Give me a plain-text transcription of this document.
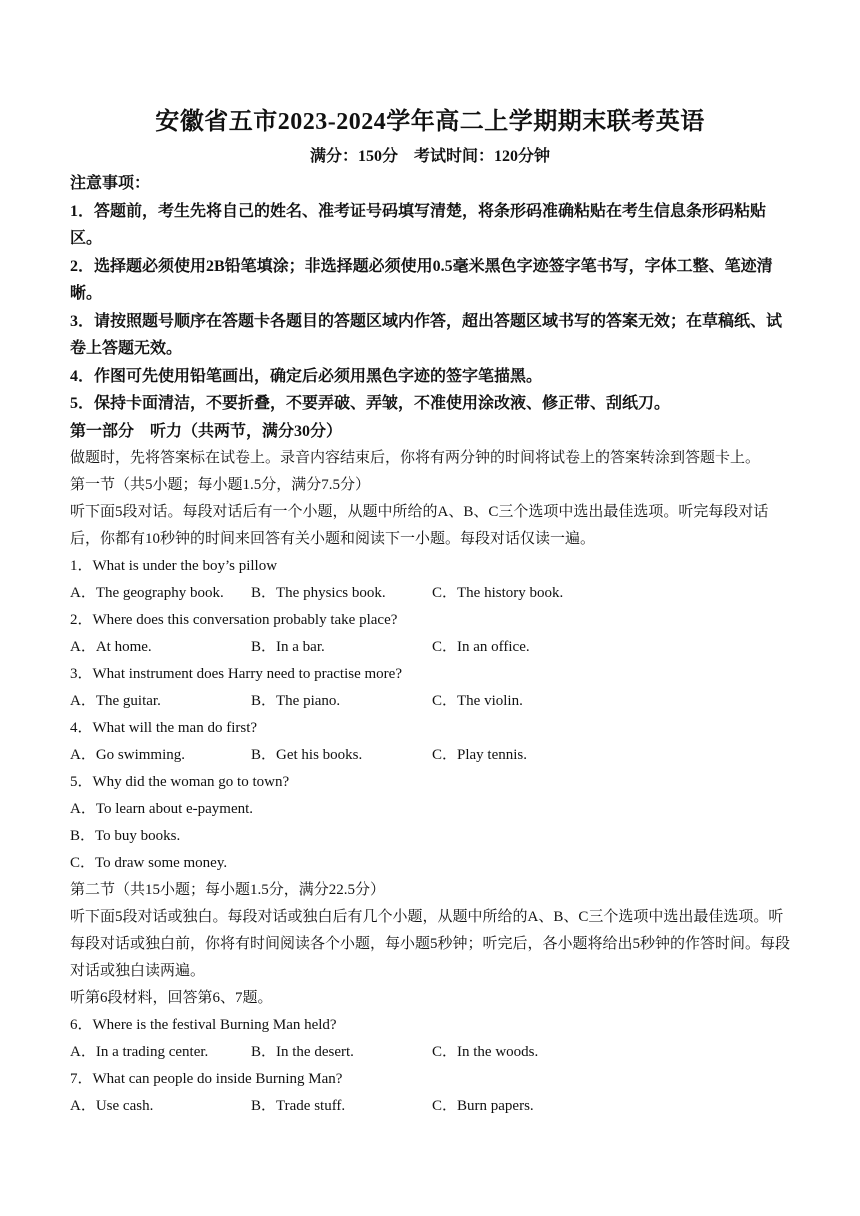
安徽省五市2023-2024学年高二上学期期末联考英语
满分：150分　考试时间：120分钟
注意事项：
1．答题前，考生先将自己的姓名、准考证号码填写清楚，将条形码准确粘贴在考生信息条形码粘贴区。
2．选择题必须使用2B铅笔填涂；非选择题必须使用0.5毫米黑色字迹签字笔书写，字体工整、笔迹清晰。
3．请按照题号顺序在答题卡各题目的答题区域内作答，超出答题区域书写的答案无效；在草稿纸、试卷上答题无效。
4．作图可先使用铅笔画出，确定后必须用黑色字迹的签字笔描黑。
5．保持卡面清洁，不要折叠，不要弄破、弄皱，不准使用涂改液、修正带、刮纸刀。
第一部分　听力（共两节，满分30分）
做题时，先将答案标在试卷上。录音内容结束后，你将有两分钟的时间将试卷上的答案转涂到答题卡上。
第一节（共5小题；每小题1.5分，满分7.5分）
听下面5段对话。每段对话后有一个小题，从题中所给的A、B、C三个选项中选出最佳选项。听完每段对话后，你都有10秒钟的时间来回答有关小题和阅读下一小题。每段对话仅读一遍。
1．What is under the boy’s pillow
A．The geography book.	B．The physics book.	C．The history book.
2．Where does this conversation probably take place?
A．At home.	B．In a bar.	C．In an office.
3．What instrument does Harry need to practise more?
A．The guitar.	B．The piano.	C．The violin.
4．What will the man do first?
A．Go swimming.	B．Get his books.	C．Play tennis.
5．Why did the woman go to town?
A．To learn about e-payment.
B．To buy books.
C．To draw some money.
第二节（共15小题；每小题1.5分，满分22.5分）
听下面5段对话或独白。每段对话或独白后有几个小题，从题中所给的A、B、C三个选项中选出最佳选项。听每段对话或独白前，你将有时间阅读各个小题，每小题5秒钟；听完后，各小题将给出5秒钟的作答时间。每段对话或独白读两遍。
听第6段材料，回答第6、7题。
6．Where is the festival Burning Man held?
A．In a trading center.	B．In the desert.	C．In the woods.
7．What can people do inside Burning Man?
A．Use cash.	B．Trade stuff.	C．Burn papers.
